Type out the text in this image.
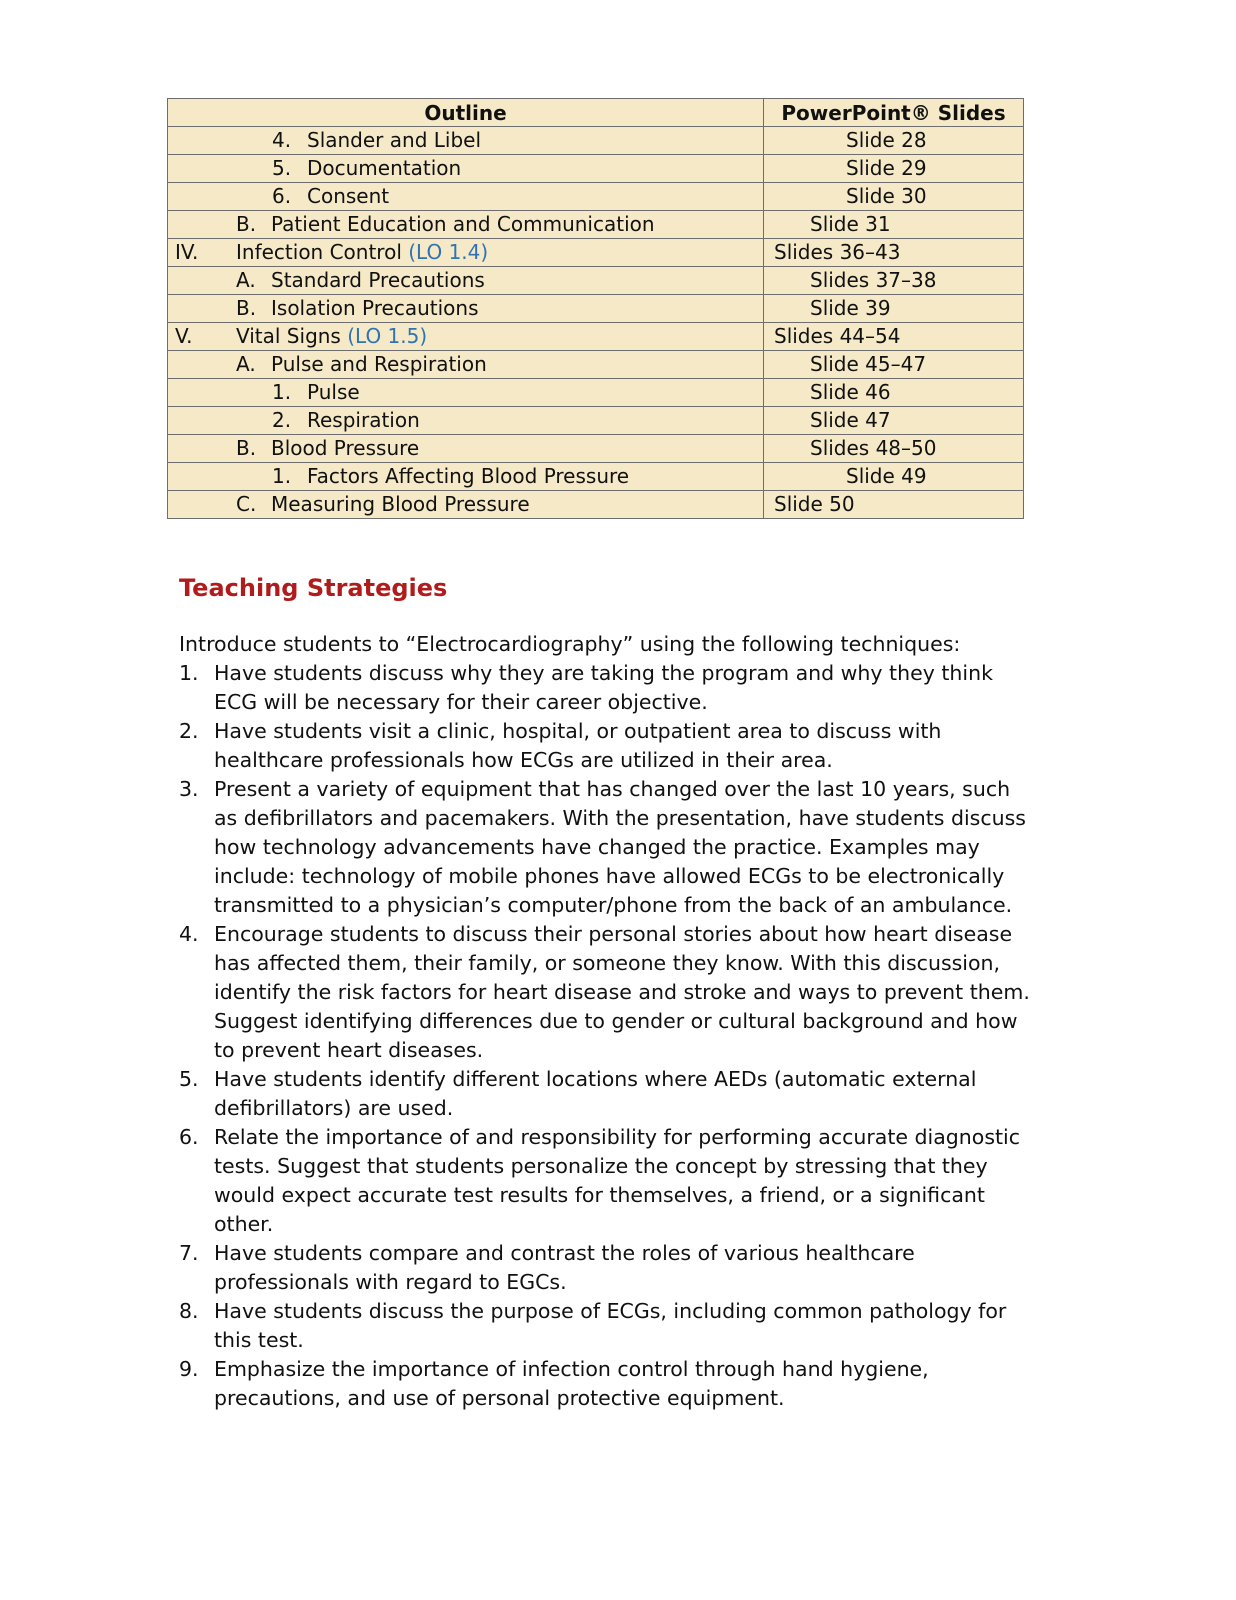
Outline	PowerPoint® Slides

4. Slander and Libel	Slide 28

5. Documentation	Slide 29

6. Consent	Slide 30

B. Patient Education and Communication	Slide 31

IV. Infection Control (LO 1.4)	Slides 36–43

A. Standard Precautions	Slides 37–38

B. Isolation Precautions	Slide 39

V. Vital Signs (LO 1.5)	Slides 44–54

A. Pulse and Respiration	Slide 45–47

1. Pulse	Slide 46

2. Respiration	Slide 47

B. Blood Pressure	Slides 48–50

1. Factors Affecting Blood Pressure	Slide 49

C. Measuring Blood Pressure	Slide 50
Teaching Strategies

Introduce students to “Electrocardiography” using the following techniques:

1. Have students discuss why they are taking the program and why they think ECG will be necessary for their career objective.
2. Have students visit a clinic, hospital, or outpatient area to discuss with healthcare professionals how ECGs are utilized in their area.
3. Present a variety of equipment that has changed over the last 10 years, such as defibrillators and pacemakers. With the presentation, have students discuss how technology advancements have changed the practice. Examples may include: technology of mobile phones have allowed ECGs to be electronically transmitted to a physician’s computer/phone from the back of an ambulance.
4. Encourage students to discuss their personal stories about how heart disease has affected them, their family, or someone they know. With this discussion, identify the risk factors for heart disease and stroke and ways to prevent them. Suggest identifying differences due to gender or cultural background and how to prevent heart diseases.
5. Have students identify different locations where AEDs (automatic external defibrillators) are used.
6. Relate the importance of and responsibility for performing accurate diagnostic tests. Suggest that students personalize the concept by stressing that they would expect accurate test results for themselves, a friend, or a significant other.
7. Have students compare and contrast the roles of various healthcare professionals with regard to EGCs.
8. Have students discuss the purpose of ECGs, including common pathology for this test.
9. Emphasize the importance of infection control through hand hygiene, precautions, and use of personal protective equipment.
